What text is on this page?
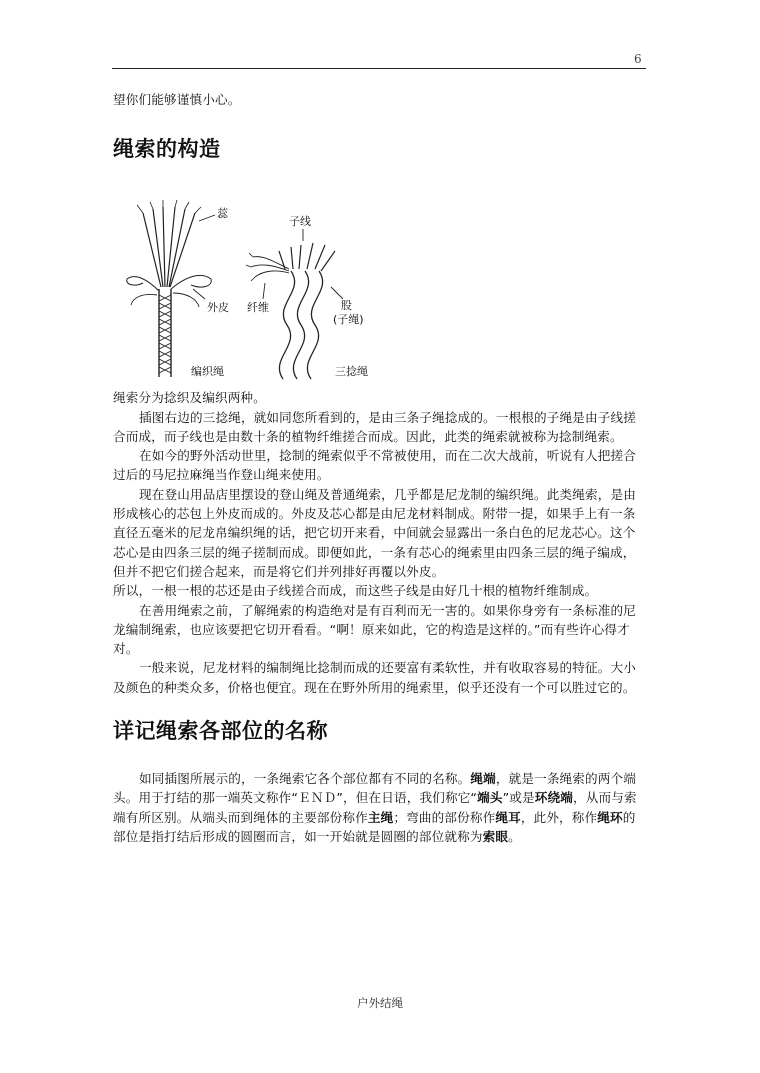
6

望你们能够谨慎小心。

绳索的构造
蕊
外皮
编织绳
子线
纤维	股
(子绳)
三捻绳

绳索分为捻织及编织两种。

插图右边的三捻绳，就如同您所看到的，是由三条子绳捻成的。一根根的子绳是由子线搓合而成，而子线也是由数十条的植物纤维搓合而成。因此，此类的绳索就被称为捻制绳索。

在如今的野外活动世里，捻制的绳索似乎不常被使用，而在二次大战前，听说有人把搓合过后的马尼拉麻绳当作登山绳来使用。

现在登山用品店里摆设的登山绳及普通绳索，几乎都是尼龙制的编织绳。此类绳索，是由形成核心的芯包上外皮而成的。外皮及芯心都是由尼龙材料制成。附带一提，如果手上有一条直径五毫米的尼龙帛编织绳的话，把它切开来看，中间就会显露出一条白色的尼龙芯心。这个芯心是由四条三层的绳子搓制而成。即便如此，一条有芯心的绳索里由四条三层的绳子编成，但并不把它们搓合起来，而是将它们并列排好再覆以外皮。

所以，一根一根的芯还是由子线搓合而成，而这些子线是由好几十根的植物纤维制成。

在善用绳索之前，了解绳索的构造绝对是有百利而无一害的。如果你身旁有一条标准的尼龙编制绳索，也应该要把它切开看看。“啊！原来如此，它的构造是这样的。”而有些许心得才对。

一般来说，尼龙材料的编制绳比捻制而成的还要富有柔软性，并有收取容易的特征。大小及颜色的种类众多，价格也便宜。现在在野外所用的绳索里，似乎还没有一个可以胜过它的。

详记绳索各部位的名称

如同插图所展示的，一条绳索它各个部位都有不同的名称。绳端，就是一条绳索的两个端头。用于打结的那一端英文称作“ＥＮＤ”，但在日语，我们称它“端头”或是环绕端，从而与索端有所区别。从端头而到绳体的主要部份称作主绳；弯曲的部份称作绳耳，此外，称作绳环的部位是指打结后形成的圆圈而言，如一开始就是圆圈的部位就称为索眼。

户外结绳
